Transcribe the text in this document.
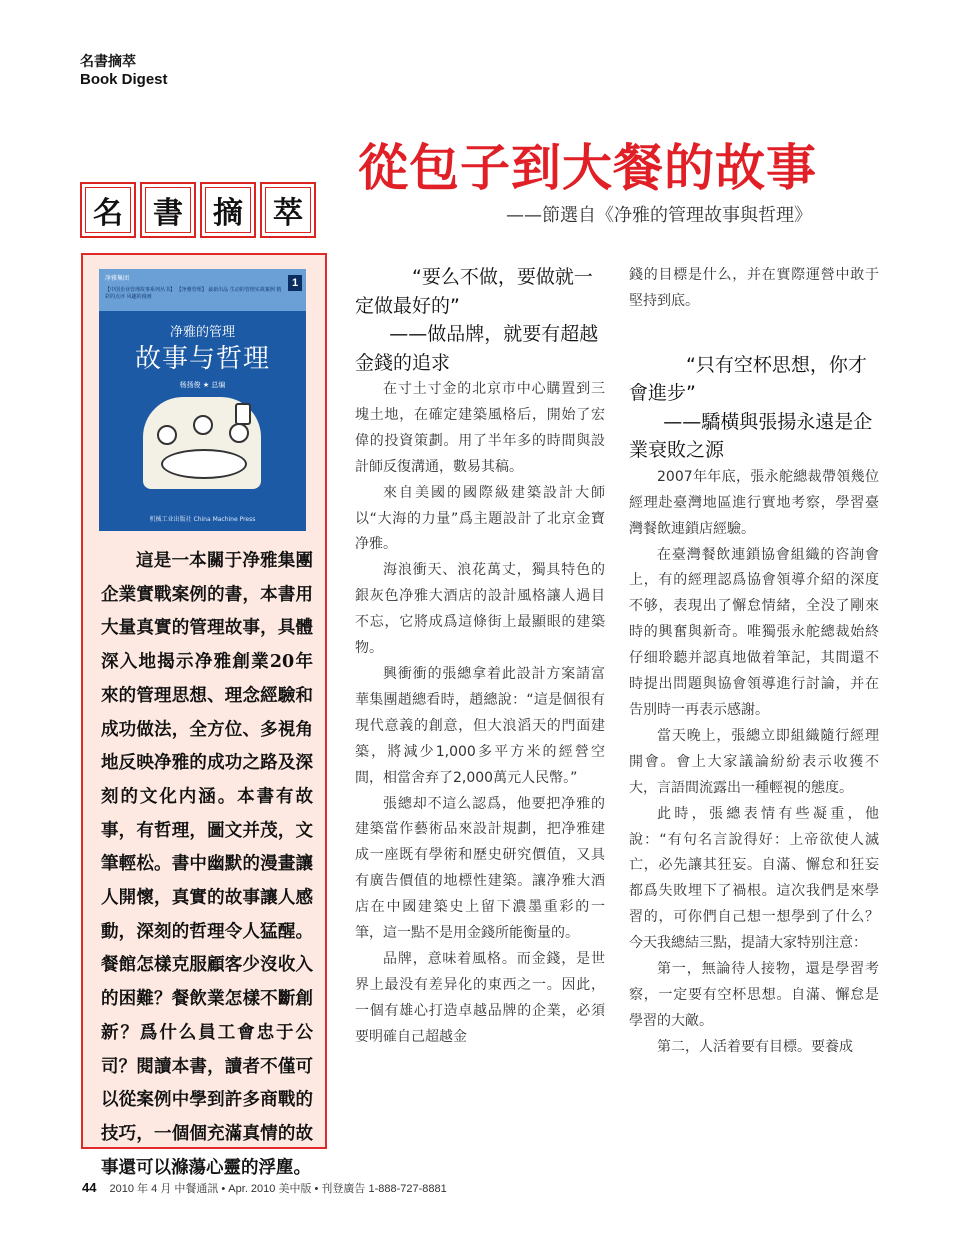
名書摘萃
Book Digest
從包子到大餐的故事
——節選自《净雅的管理故事與哲理》
名	書	摘	萃
净雅集团
【中国企业管理故事系列丛书】 【净雅管理】 最新出品 生动的管理实战案例 精彩的点评 风趣的漫画
1
净雅的管理
故事与哲理
杨扬俊 ★ 总编
机械工业出版社 China Machine Press

這是一本關于净雅集團企業實戰案例的書，本書用大量真實的管理故事，具體深入地揭示净雅創業20年來的管理思想、理念經驗和成功做法，全方位、多視角地反映净雅的成功之路及深刻的文化内涵。本書有故事，有哲理，圖文并茂，文筆輕松。書中幽默的漫畫讓人開懷，真實的故事讓人感動，深刻的哲理令人猛醒。餐館怎樣克服顧客少沒收入的困難？餐飲業怎樣不斷創新？爲什么員工會忠于公司？閱讀本書，讀者不僅可以從案例中學到許多商戰的技巧，一個個充滿真情的故事還可以滌蕩心靈的浮塵。

“要么不做，要做就一定做最好的”
——做品牌，就要有超越金錢的追求

在寸土寸金的北京市中心購置到三塊土地，在確定建築風格后，開始了宏偉的投資策劃。用了半年多的時間與設計師反復溝通，數易其稿。

來自美國的國際級建築設計大師以“大海的力量”爲主題設計了北京金寶净雅。

海浪衝天、浪花萬丈，獨具特色的銀灰色净雅大酒店的設計風格讓人過目不忘，它將成爲這條街上最顯眼的建築物。

興衝衝的張總拿着此設計方案請富華集團趙總看時，趙總說：“這是個很有現代意義的創意，但大浪滔天的門面建築，將減少1,000多平方米的經營空間，相當舍弃了2,000萬元人民幣。”

張總却不這么認爲，他要把净雅的建築當作藝術品來設計規劃，把净雅建成一座既有學術和歷史研究價值，又具有廣告價值的地標性建築。讓净雅大酒店在中國建築史上留下濃墨重彩的一筆，這一點不是用金錢所能衡量的。

品牌，意味着風格。而金錢，是世界上最没有差异化的東西之一。因此，一個有雄心打造卓越品牌的企業，必須要明確自己超越金

錢的目標是什么，并在實際運營中敢于堅持到底。

“只有空杯思想，你才會進步”
——驕橫與張揚永遠是企業衰敗之源

2007年年底，張永舵總裁帶領幾位經理赴臺灣地區進行實地考察，學習臺灣餐飲連鎖店經驗。

在臺灣餐飲連鎖協會組織的咨詢會上，有的經理認爲協會領導介紹的深度不够，表現出了懈怠情緒，全没了剛來時的興奮與新奇。唯獨張永舵總裁始終仔细聆聽并認真地做着筆記，其間還不時提出問題與協會領導進行討論，并在告別時一再表示感謝。

當天晚上，張總立即組織隨行經理開會。會上大家議論紛紛表示收獲不大，言語間流露出一種輕視的態度。

此時，張總表情有些凝重，他說：“有句名言說得好：上帝欲使人滅亡，必先讓其狂妄。自滿、懈怠和狂妄都爲失敗埋下了禍根。這次我們是來學習的，可你們自己想一想學到了什么？今天我總結三點，提請大家特别注意：

第一，無論待人接物，還是學習考察，一定要有空杯思想。自滿、懈怠是學習的大敵。

第二，人活着要有目標。要養成

44 2010 年 4 月 中餐通訊 • Apr. 2010 美中版 • 刊登廣告 1-888-727-8881
